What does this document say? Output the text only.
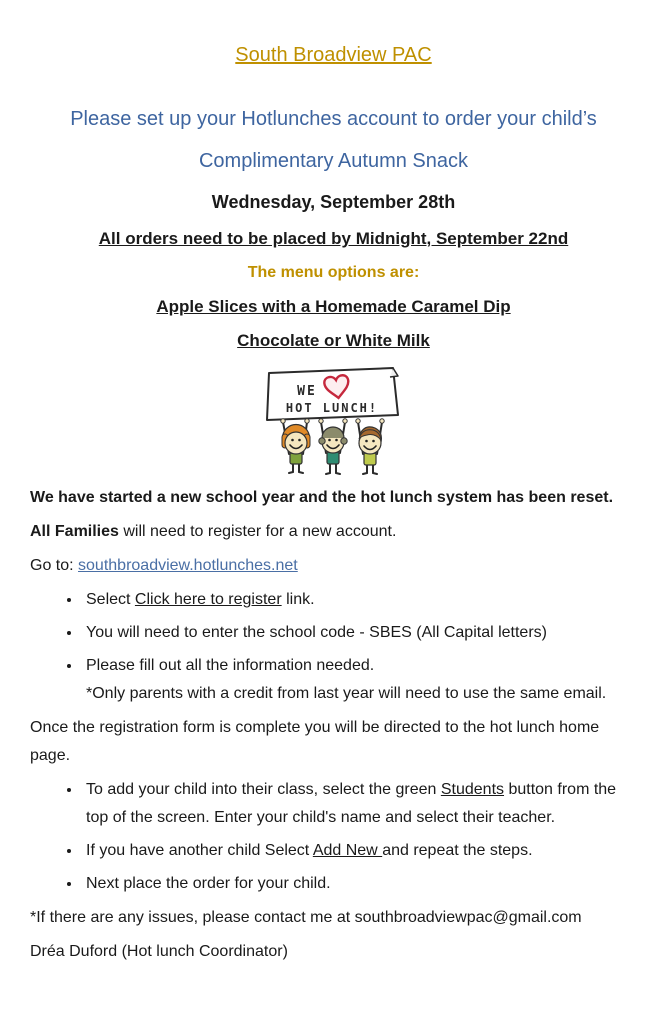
South Broadview PAC

Please set up your Hotlunches account to order your child’s

Complimentary Autumn Snack

Wednesday, September 28th

All orders need to be placed by Midnight, September 22nd

The menu options are:

Apple Slices with a Homemade Caramel Dip

Chocolate or White Milk

WE
HOT LUNCH!

We have started a new school year and the hot lunch system has been reset.

All Families will need to register for a new account.

Go to: southbroadview.hotlunches.net

• Select Click here to register link.
• You will need to enter the school code - SBES (All Capital letters)
• Please fill out all the information needed.
*Only parents with a credit from last year will need to use the same email.

Once the registration form is complete you will be directed to the hot lunch home page.

• To add your child into their class, select the green Students button from the top of the screen. Enter your child's name and select their teacher.
• If you have another child Select Add New and repeat the steps.
• Next place the order for your child.

*If there are any issues, please contact me at southbroadviewpac@gmail.com

Dréa Duford (Hot lunch Coordinator)
